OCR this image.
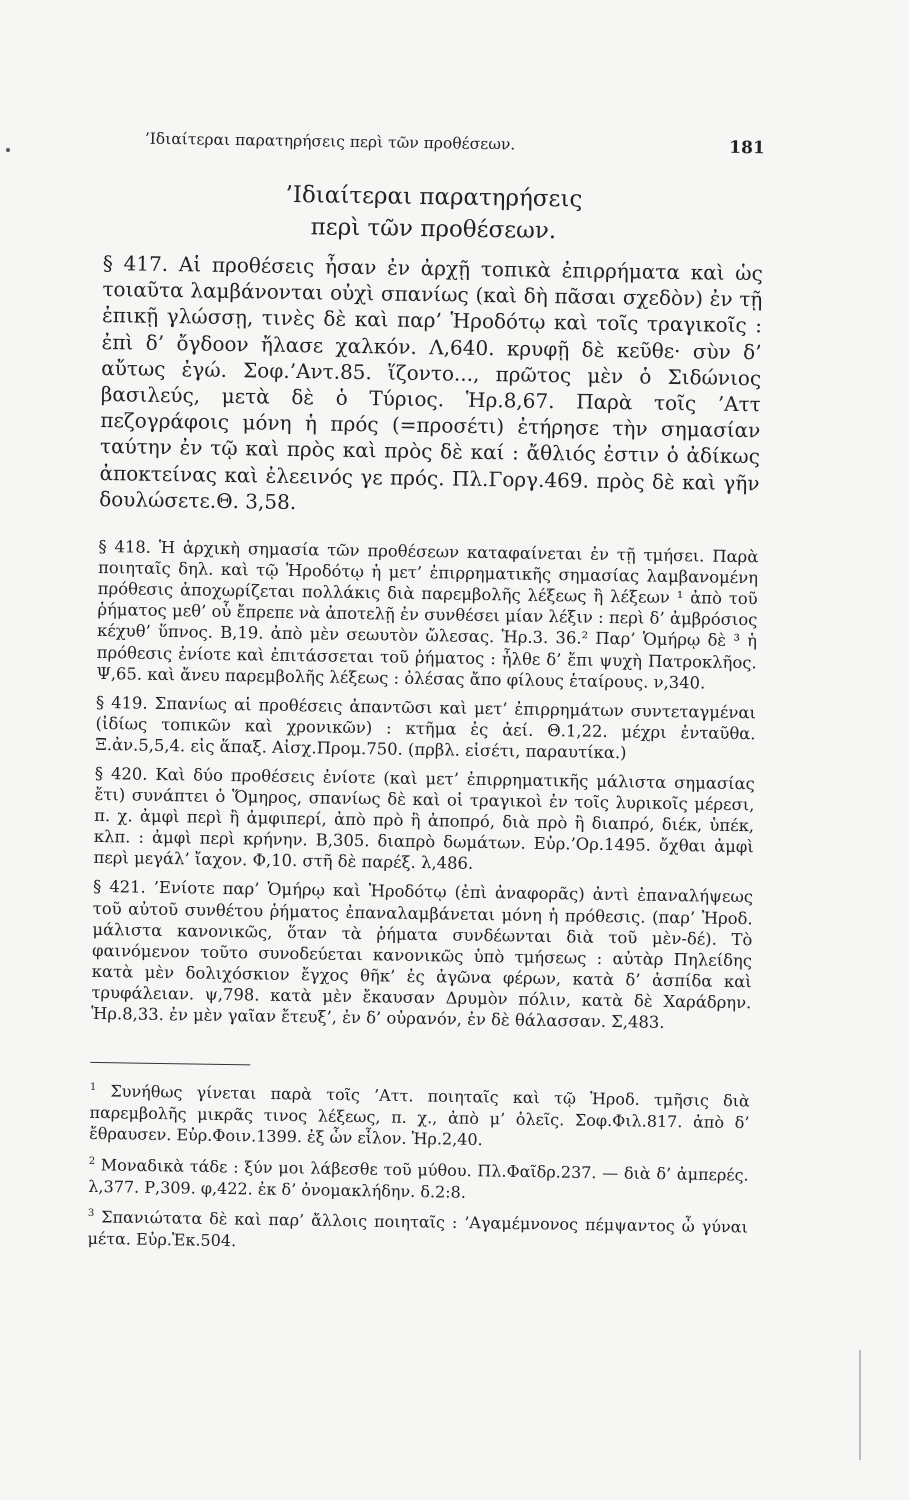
’Ιδιαίτεραι παρατηρήσεις περὶ τῶν προθέσεων.	181
’Ιδιαίτεραι παρατηρήσεις
περὶ τῶν προθέσεων.

§ 417. Αἱ προθέσεις ἦσαν ἐν ἀρχῇ τοπικὰ ἐπιρρήματα καὶ ὡς τοιαῦτα λαμβάνονται οὐχὶ σπανίως (καὶ δὴ πᾶσαι σχεδὸν) ἐν τῇ ἐπικῇ γλώσσῃ, τινὲς δὲ καὶ παρ’ Ἡροδότῳ καὶ τοῖς τραγικοῖς : ἐπὶ δ’ ὄγδοον ἤλασε χαλκόν. Λ,640. κρυφῇ δὲ κεῦθε· σὺν δ’ αὔτως ἐγώ. Σοφ.’Αντ.85. ἵζοντο..., πρῶτος μὲν ὁ Σιδώνιος βασιλεύς, μετὰ δὲ ὁ Τύριος. Ἡρ.8,67. Παρὰ τοῖς ’Αττ πεζογράφοις μόνη ἡ πρός (=προσέτι) ἐτήρησε τὴν σημασίαν ταύτην ἐν τῷ καὶ πρὸς καὶ πρὸς δὲ καί : ἄθλιός ἐστιν ὁ ἀδίκως ἀποκτείνας καὶ ἐλεεινός γε πρός. Πλ.Γοργ.469. πρὸς δὲ καὶ γῆν δουλώσετε.Θ. 3,58.

§ 418. Ἡ ἀρχικὴ σημασία τῶν προθέσεων καταφαίνεται ἐν τῇ τμήσει. Παρὰ ποιηταῖς δηλ. καὶ τῷ Ἡροδότῳ ἡ μετ’ ἐπιρρηματικῆς σημασίας λαμβανομένη πρόθεσις ἀποχωρίζεται πολλάκις διὰ παρεμβολῆς λέξεως ἢ λέξεων ¹ ἀπὸ τοῦ ῥήματος μεθ’ οὗ ἔπρεπε νὰ ἀποτελῇ ἐν συνθέσει μίαν λέξιν : περὶ δ’ ἀμβρόσιος κέχυθ’ ὕπνος. Β,19. ἀπὸ μὲν σεωυτὸν ὤλεσας. Ἡρ.3. 36.² Παρ’ Ὁμήρῳ δὲ ³ ἡ πρόθεσις ἐνίοτε καὶ ἐπιτάσσεται τοῦ ῥήματος : ἦλθε δ’ ἔπι ψυχὴ Πατροκλῆος. Ψ,65. καὶ ἄνευ παρεμβολῆς λέξεως : ὀλέσας ἄπο φίλους ἑταίρους. ν,340.

§ 419. Σπανίως αἱ προθέσεις ἀπαντῶσι καὶ μετ’ ἐπιρρημάτων συντεταγμέναι (ἰδίως τοπικῶν καὶ χρονικῶν) : κτῆμα ἐς ἀεί. Θ.1,22. μέχρι ἐνταῦθα. Ξ.ἀν.5,5,4. εἰς ἅπαξ. Αἰσχ.Προμ.750. (πρβλ. εἰσέτι, παραυτίκα.)

§ 420. Καὶ δύο προθέσεις ἐνίοτε (καὶ μετ’ ἐπιρρηματικῆς μάλιστα σημασίας ἔτι) συνάπτει ὁ Ὅμηρος, σπανίως δὲ καὶ οἱ τραγικοὶ ἐν τοῖς λυρικοῖς μέρεσι, π. χ. ἀμφὶ περὶ ἢ ἀμφιπερί, ἀπὸ πρὸ ἢ ἀποπρό, διὰ πρὸ ἢ διαπρό, διέκ, ὑπέκ, κλπ. : ἀμφὶ περὶ κρήνην. Β,305. διαπρὸ δωμάτων. Εὐρ.’Ορ.1495. ὄχθαι ἀμφὶ περὶ μεγάλ’ ἴαχον. Φ,10. στῆ δὲ παρέξ. λ,486.

§ 421. ’Ενίοτε παρ’ Ὁμήρῳ καὶ Ἡροδότῳ (ἐπὶ ἀναφορᾶς) ἀντὶ ἐπαναλήψεως τοῦ αὐτοῦ συνθέτου ῥήματος ἐπαναλαμβάνεται μόνη ἡ πρόθεσις. (παρ’ Ἡροδ. μάλιστα κανονικῶς, ὅταν τὰ ῥήματα συνδέωνται διὰ τοῦ μὲν-δέ). Τὸ φαινόμενον τοῦτο συνοδεύεται κανονικῶς ὑπὸ τμήσεως : αὐτὰρ Πηλείδης κατὰ μὲν δολιχόσκιον ἔγχος θῆκ’ ἐς ἀγῶνα φέρων, κατὰ δ’ ἀσπίδα καὶ τρυφάλειαν. ψ,798. κατὰ μὲν ἔκαυσαν Δρυμὸν πόλιν, κατὰ δὲ Χαράδρην. Ἡρ.8,33. ἐν μὲν γαῖαν ἔτευξ’, ἐν δ’ οὐρανόν, ἐν δὲ θάλασσαν. Σ,483.

$^1$ Συνήθως γίνεται παρὰ τοῖς ’Αττ. ποιηταῖς καὶ τῷ Ἡροδ. τμῆσις διὰ παρεμβολῆς μικρᾶς τινος λέξεως, π. χ., ἀπὸ μ’ ὀλεῖς. Σοφ.Φιλ.817. ἀπὸ δ’ ἔθραυσεν. Εὐρ.Φοιν.1399. ἐξ ὧν εἷλον. Ἡρ.2,40.

$^2$ Μοναδικὰ τάδε : ξύν μοι λάβεσθε τοῦ μύθου. Πλ.Φαῖδρ.237. — διὰ δ’ ἀμπερές. λ,377. Ρ,309. φ,422. ἐκ δ’ ὀνομακλήδην. δ.2:8.

$^3$ Σπανιώτατα δὲ καὶ παρ’ ἄλλοις ποιηταῖς : ’Αγαμέμνονος πέμψαντος ὦ γύναι μέτα. Εὐρ.Ἑκ.504.
